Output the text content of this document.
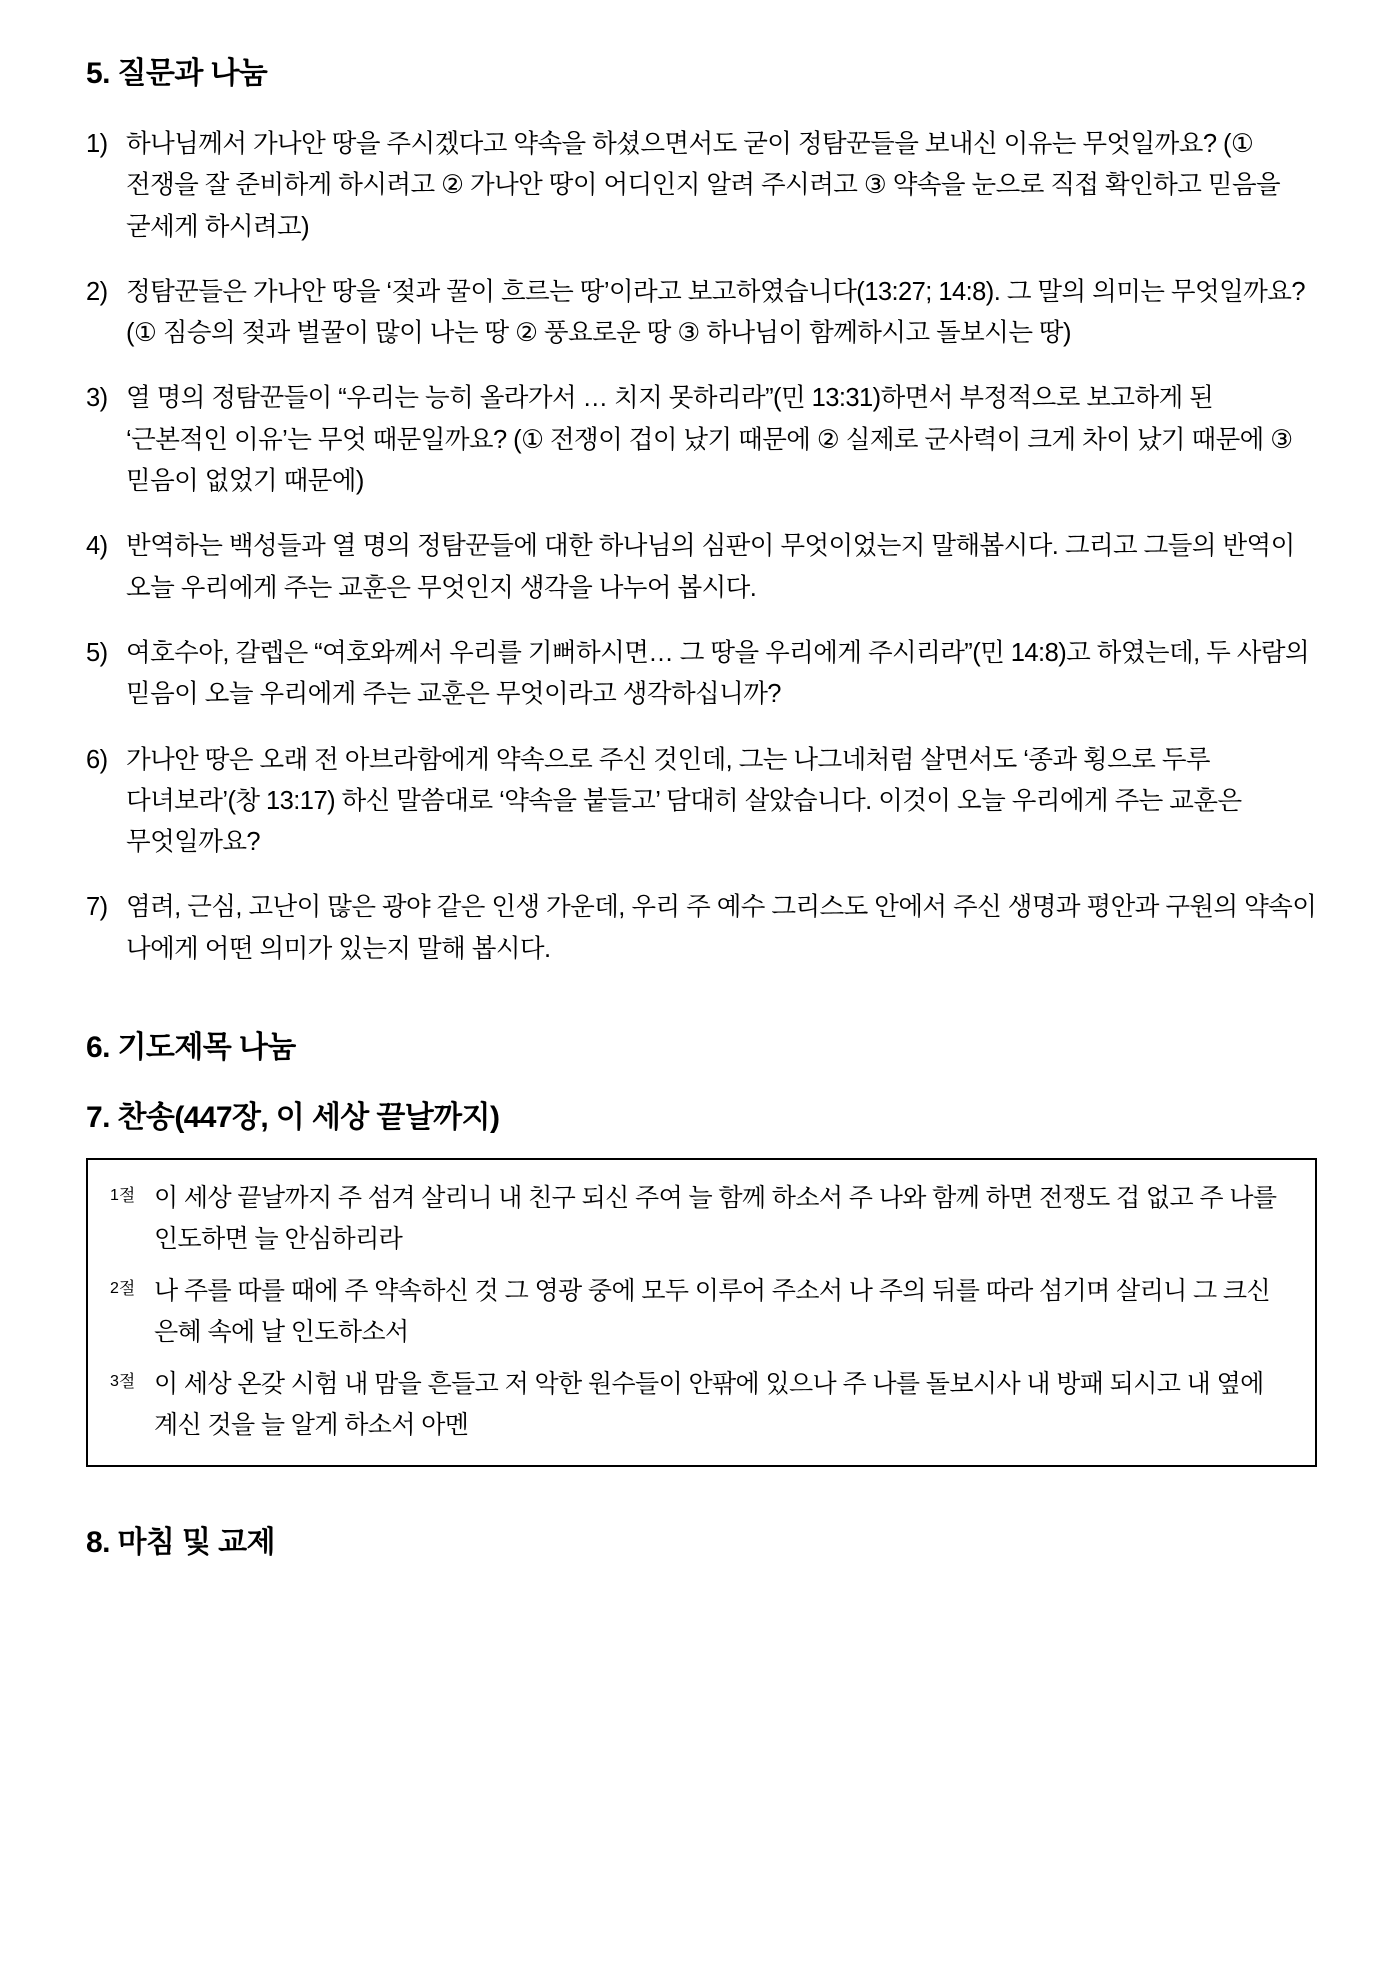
5. 질문과 나눔
1) 하나님께서 가나안 땅을 주시겠다고 약속을 하셨으면서도 굳이 정탐꾼들을 보내신 이유는 무엇일까요? (① 전쟁을 잘 준비하게 하시려고 ② 가나안 땅이 어디인지 알려 주시려고 ③ 약속을 눈으로 직접 확인하고 믿음을 굳세게 하시려고)
2) 정탐꾼들은 가나안 땅을 ‘젖과 꿀이 흐르는 땅’이라고 보고하였습니다(13:27; 14:8). 그 말의 의미는 무엇일까요? (① 짐승의 젖과 벌꿀이 많이 나는 땅 ② 풍요로운 땅 ③ 하나님이 함께하시고 돌보시는 땅)
3) 열 명의 정탐꾼들이 “우리는 능히 올라가서 … 치지 못하리라”(민 13:31)하면서 부정적으로 보고하게 된 ‘근본적인 이유’는 무엇 때문일까요? (① 전쟁이 겁이 났기 때문에 ② 실제로 군사력이 크게 차이 났기 때문에 ③ 믿음이 없었기 때문에)
4) 반역하는 백성들과 열 명의 정탐꾼들에 대한 하나님의 심판이 무엇이었는지 말해봅시다. 그리고 그들의 반역이 오늘 우리에게 주는 교훈은 무엇인지 생각을 나누어 봅시다.
5) 여호수아, 갈렙은 “여호와께서 우리를 기뻐하시면… 그 땅을 우리에게 주시리라”(민 14:8)고 하였는데, 두 사람의 믿음이 오늘 우리에게 주는 교훈은 무엇이라고 생각하십니까?
6) 가나안 땅은 오래 전 아브라함에게 약속으로 주신 것인데, 그는 나그네처럼 살면서도 ‘종과 횡으로 두루 다녀보라’(창 13:17) 하신 말씀대로 ‘약속을 붙들고’ 담대히 살았습니다. 이것이 오늘 우리에게 주는 교훈은 무엇일까요?
7) 염려, 근심, 고난이 많은 광야 같은 인생 가운데, 우리 주 예수 그리스도 안에서 주신 생명과 평안과 구원의 약속이 나에게 어떤 의미가 있는지 말해 봅시다.
6. 기도제목 나눔
7. 찬송(447장, 이 세상 끝날까지)
$^{1절}$ 이 세상 끝날까지 주 섬겨 살리니 내 친구 되신 주여 늘 함께 하소서 주 나와 함께 하면 전쟁도 겁 없고 주 나를 인도하면 늘 안심하리라
$^{2절}$ 나 주를 따를 때에 주 약속하신 것 그 영광 중에 모두 이루어 주소서 나 주의 뒤를 따라 섬기며 살리니 그 크신 은혜 속에 날 인도하소서
$^{3절}$ 이 세상 온갖 시험 내 맘을 흔들고 저 악한 원수들이 안팎에 있으나 주 나를 돌보시사 내 방패 되시고 내 옆에 계신 것을 늘 알게 하소서 아멘
8. 마침 및 교제
